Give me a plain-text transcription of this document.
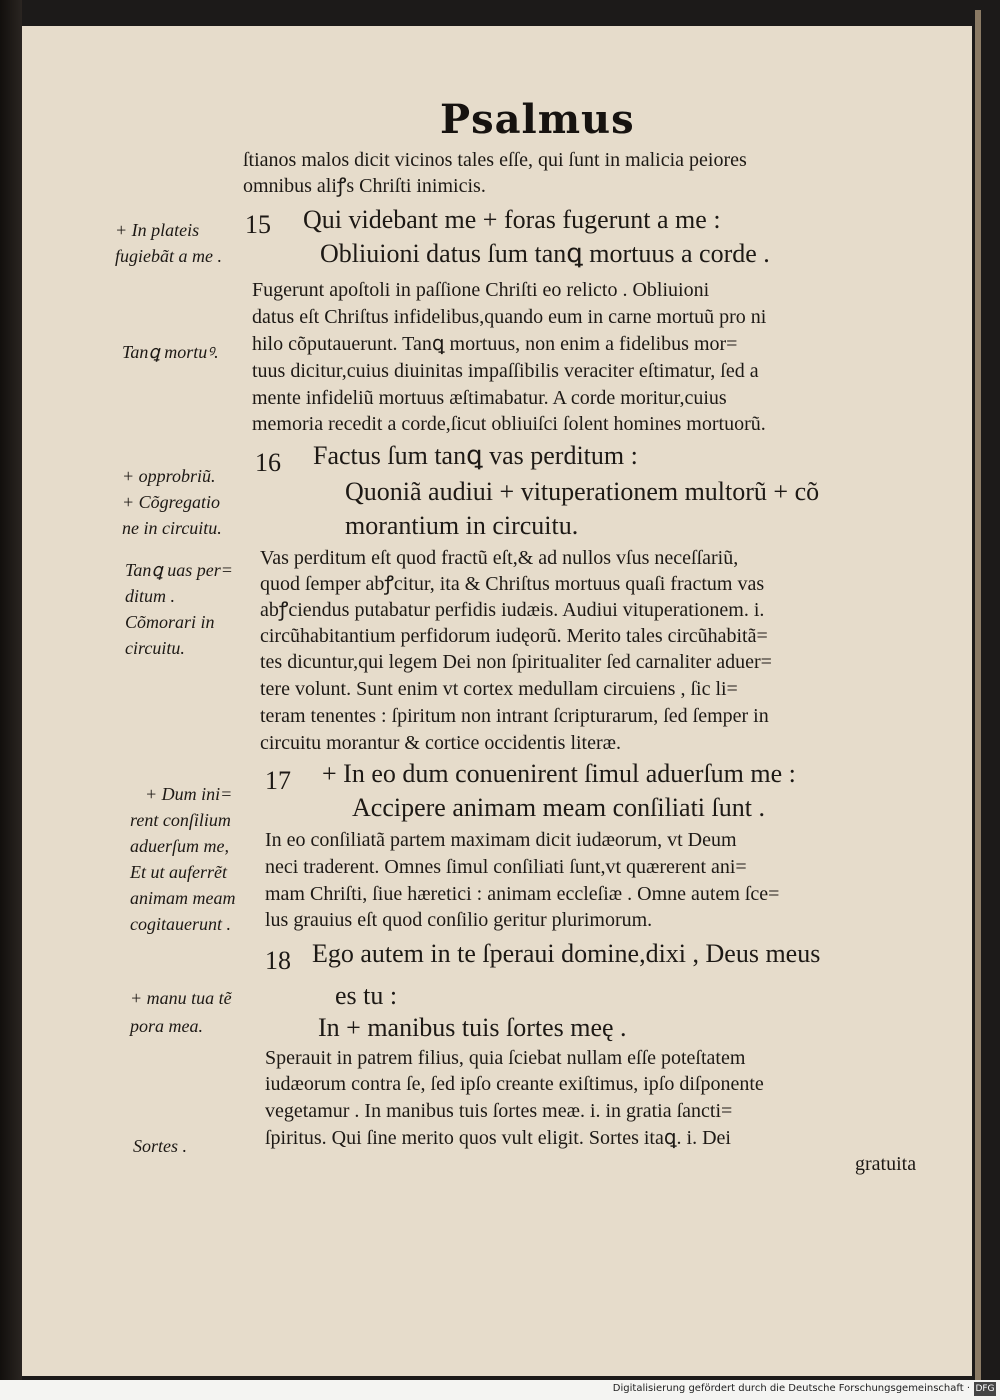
Psalmus
ſtianos malos dicit vicinos tales eſſe, qui ſunt in malicia peiores
omnibus aliꝭs Chriſti inimicis.
15 Qui videbant me + foras fugerunt a me :
Obliuioni datus ſum tanꝗ mortuus a corde .
Fugerunt apoſtoli in paſſione Chriſti eo relicto . Obliuioni
datus eſt Chriſtus infidelibus,quando eum in carne mortuũ pro ni
hilo cõputauerunt. Tanꝗ mortuus, non enim a fidelibus mor=
tuus dicitur,cuius diuinitas impaſſibilis veraciter eſtimatur, ſed a
mente infideliũ mortuus æſtimabatur. A corde moritur,cuius
memoria recedit a corde,ſicut obliuiſci ſolent homines mortuorũ.
16 Factus ſum tanꝗ vas perditum :
Quoniã audiui + vituperationem multorũ + cõ
morantium in circuitu.
Vas perditum eſt quod fractũ eſt,& ad nullos vſus neceſſariũ,
quod ſemper abꝭcitur, ita & Chriſtus mortuus quaſi fractum vas
abꝭciendus putabatur perfidis iudæis. Audiui vituperationem. i.
circũhabitantium perfidorum iudęorũ. Merito tales circũhabitã=
tes dicuntur,qui legem Dei non ſpiritualiter ſed carnaliter aduer=
tere volunt. Sunt enim vt cortex medullam circuiens , ſic li=
teram tenentes : ſpiritum non intrant ſcripturarum, ſed ſemper in
circuitu morantur & cortice occidentis literæ.
17 + In eo dum conuenirent ſimul aduerſum me :
Accipere animam meam conſiliati ſunt .
In eo conſiliatã partem maximam dicit iudæorum, vt Deum
neci traderent. Omnes ſimul conſiliati ſunt,vt quærerent ani=
mam Chriſti, ſiue hæretici : animam eccleſiæ . Omne autem ſce=
lus grauius eſt quod conſilio geritur plurimorum.
18 Ego autem in te ſperaui domine,dixi , Deus meus
es tu :
In + manibus tuis ſortes meę .
Sperauit in patrem filius, quia ſciebat nullam eſſe poteſtatem
iudæorum contra ſe, ſed ipſo creante exiſtimus, ipſo diſponente
vegetamur . In manibus tuis ſortes meæ. i. in gratia ſancti=
ſpiritus. Qui ſine merito quos vult eligit. Sortes itaꝗ. i. Dei
gratuita
+ In plateis
fugiebãt a me .
Tanꝗ mortuꝰ.
+ opprobriũ.
+ Cõgregatio
ne in circuitu.
Tanꝗ uas per=
ditum .
Cõmorari in
circuitu.
+ Dum ini=
rent conſilium
aduerſum me,
Et ut auferrẽt
animam meam
cogitauerunt .
+ manu tua tẽ
pora mea.
Sortes .
Digitalisierung gefördert durch die Deutsche Forschungsgemeinschaft · DFG
